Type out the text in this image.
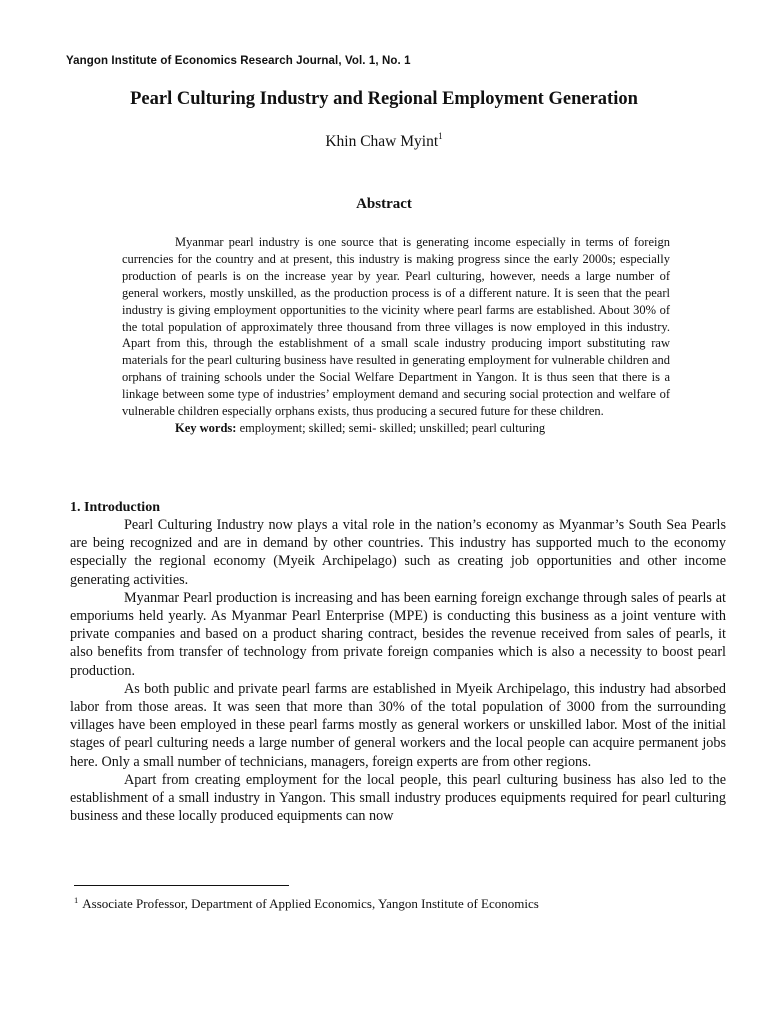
Yangon Institute of Economics Research Journal, Vol. 1, No. 1
Pearl Culturing Industry and Regional Employment Generation
Khin Chaw Myint$^1$
Abstract

Myanmar pearl industry is one source that is generating income especially in terms of foreign currencies for the country and at present, this industry is making progress since the early 2000s; especially production of pearls is on the increase year by year. Pearl culturing, however, needs a large number of general workers, mostly unskilled, as the production process is of a different nature. It is seen that the pearl industry is giving employment opportunities to the vicinity where pearl farms are established. About 30% of the total population of approximately three thousand from three villages is now employed in this industry. Apart from this, through the establishment of a small scale industry producing import substituting raw materials for the pearl culturing business have resulted in generating employment for vulnerable children and orphans of training schools under the Social Welfare Department in Yangon. It is thus seen that there is a linkage between some type of industries’ employment demand and securing social protection and welfare of vulnerable children especially orphans exists, thus producing a secured future for these children.

Key words: employment; skilled; semi- skilled; unskilled; pearl culturing

1. Introduction

Pearl Culturing Industry now plays a vital role in the nation’s economy as Myanmar’s South Sea Pearls are being recognized and are in demand by other countries. This industry has supported much to the economy especially the regional economy (Myeik Archipelago) such as creating job opportunities and other income generating activities.

Myanmar Pearl production is increasing and has been earning foreign exchange through sales of pearls at emporiums held yearly. As Myanmar Pearl Enterprise (MPE) is conducting this business as a joint venture with private companies and based on a product sharing contract, besides the revenue received from sales of pearls, it also benefits from transfer of technology from private foreign companies which is also a necessity to boost pearl production.

As both public and private pearl farms are established in Myeik Archipelago, this industry had absorbed labor from those areas. It was seen that more than 30% of the total population of 3000 from the surrounding villages have been employed in these pearl farms mostly as general workers or unskilled labor. Most of the initial stages of pearl culturing needs a large number of general workers and the local people can acquire permanent jobs here. Only a small number of technicians, managers, foreign experts are from other regions.

Apart from creating employment for the local people, this pearl culturing business has also led to the establishment of a small industry in Yangon. This small industry produces equipments required for pearl culturing business and these locally produced equipments can now

$^1$ Associate Professor, Department of Applied Economics, Yangon Institute of Economics
